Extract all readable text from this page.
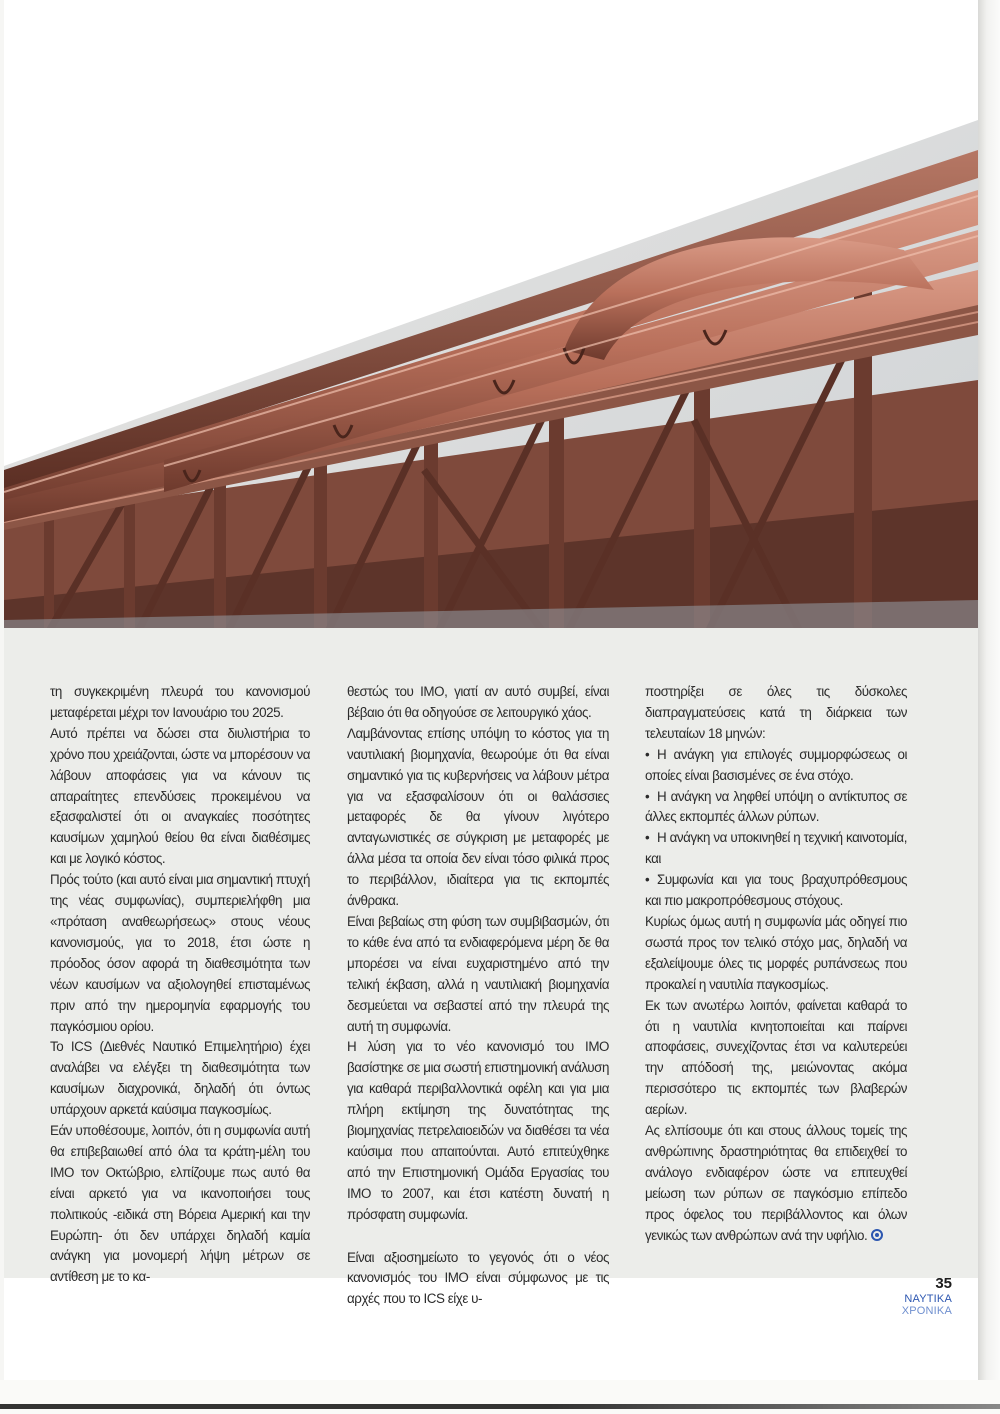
τη συγκεκριμένη πλευρά του κανονισμού μεταφέρεται μέχρι τον Ιανουάριο του 2025.

Αυτό πρέπει να δώσει στα διυλιστήρια το χρόνο που χρειάζονται, ώστε να μπορέσουν να λάβουν αποφάσεις για να κάνουν τις απαραίτητες επενδύσεις προκειμένου να εξασφαλιστεί ότι οι αναγκαίες ποσότητες καυσίμων χαμηλού θείου θα είναι διαθέσιμες και με λογικό κόστος.

Πρός τούτο (και αυτό είναι μια σημαντική πτυχή της νέας συμφωνίας), συμπεριελήφθη μια «πρόταση αναθεωρήσεως» στους νέους κανονισμούς, για το 2018, έτσι ώστε η πρόοδος όσον αφορά τη διαθεσιμότητα των νέων καυσίμων να αξιολογηθεί επισταμένως πριν από την ημερομηνία εφαρμογής του παγκόσμιου ορίου.

Το ICS (Διεθνές Ναυτικό Επιμελητήριο) έχει αναλάβει να ελέγξει τη διαθεσιμότητα των καυσίμων διαχρονικά, δηλαδή ότι όντως υπάρχουν αρκετά καύσιμα παγκοσμίως.

Εάν υποθέσουμε, λοιπόν, ότι η συμφωνία αυτή θα επιβεβαιωθεί από όλα τα κράτη-μέλη του ΙΜΟ τον Οκτώβριο, ελπίζουμε πως αυτό θα είναι αρκετό για να ικανοποιήσει τους πολιτικούς -ειδικά στη Βόρεια Αμερική και την Ευρώπη- ότι δεν υπάρχει δηλαδή καμία ανάγκη για μονομερή λήψη μέτρων σε αντίθεση με το κα-

θεστώς του ΙΜΟ, γιατί αν αυτό συμβεί, είναι βέβαιο ότι θα οδηγούσε σε λειτουργικό χάος.

Λαμβάνοντας επίσης υπόψη το κόστος για τη ναυτιλιακή βιομηχανία, θεωρούμε ότι θα είναι σημαντικό για τις κυβερνήσεις να λάβουν μέτρα για να εξασφαλίσουν ότι οι θαλάσσιες μεταφορές δε θα γίνουν λιγότερο ανταγωνιστικές σε σύγκριση με μεταφορές με άλλα μέσα τα οποία δεν είναι τόσο φιλικά προς το περιβάλλον, ιδιαίτερα για τις εκπομπές άνθρακα.

Είναι βεβαίως στη φύση των συμβιβασμών, ότι το κάθε ένα από τα ενδιαφερόμενα μέρη δε θα μπορέσει να είναι ευχαριστημένο από την τελική έκβαση, αλλά η ναυτιλιακή βιομηχανία δεσμεύεται να σεβαστεί από την πλευρά της αυτή τη συμφωνία.

Η λύση για το νέο κανονισμό του ΙΜΟ βασίστηκε σε μια σωστή επιστημονική ανάλυση για καθαρά περιβαλλοντικά οφέλη και για μια πλήρη εκτίμηση της δυνατότητας της βιομηχανίας πετρελαιοειδών να διαθέσει τα νέα καύσιμα που απαιτούνται. Αυτό επιτεύχθηκε από την Επιστημονική Ομάδα Εργασίας του ΙΜΟ το 2007, και έτσι κατέστη δυνατή η πρόσφατη συμφωνία.

Είναι αξιοσημείωτο το γεγονός ότι ο νέος κανονισμός του ΙΜΟ είναι σύμφωνος με τις αρχές που το ICS είχε υ-

ποστηρίξει σε όλες τις δύσκολες διαπραγματεύσεις κατά τη διάρκεια των τελευταίων 18 μηνών:

• Η ανάγκη για επιλογές συμμορφώσεως οι οποίες είναι βασισμένες σε ένα στόχο.

• Η ανάγκη να ληφθεί υπόψη ο αντίκτυπος σε άλλες εκπομπές άλλων ρύπων.

• Η ανάγκη να υποκινηθεί η τεχνική καινοτομία, και

• Συμφωνία και για τους βραχυπρόθεσμους και πιο μακροπρόθεσμους στόχους.

Κυρίως όμως αυτή η συμφωνία μάς οδηγεί πιο σωστά προς τον τελικό στόχο μας, δηλαδή να εξαλείψουμε όλες τις μορφές ρυπάνσεως που προκαλεί η ναυτιλία παγκοσμίως.

Εκ των ανωτέρω λοιπόν, φαίνεται καθαρά το ότι η ναυτιλία κινητοποιείται και παίρνει αποφάσεις, συνεχίζοντας έτσι να καλυτερεύει την απόδοσή της, μειώνοντας ακόμα περισσότερο τις εκπομπές των βλαβερών αερίων.

Ας ελπίσουμε ότι και στους άλλους τομείς της ανθρώπινης δραστηριότητας θα επιδειχθεί το ανάλογο ενδιαφέρον ώστε να επιτευχθεί μείωση των ρύπων σε παγκόσμιο επίπεδο προς όφελος του περιβάλλοντος και όλων γενικώς των ανθρώπων ανά την υφήλιο.

35
ΝΑΥΤΙΚΑ
ΧΡΟΝΙΚΑ
